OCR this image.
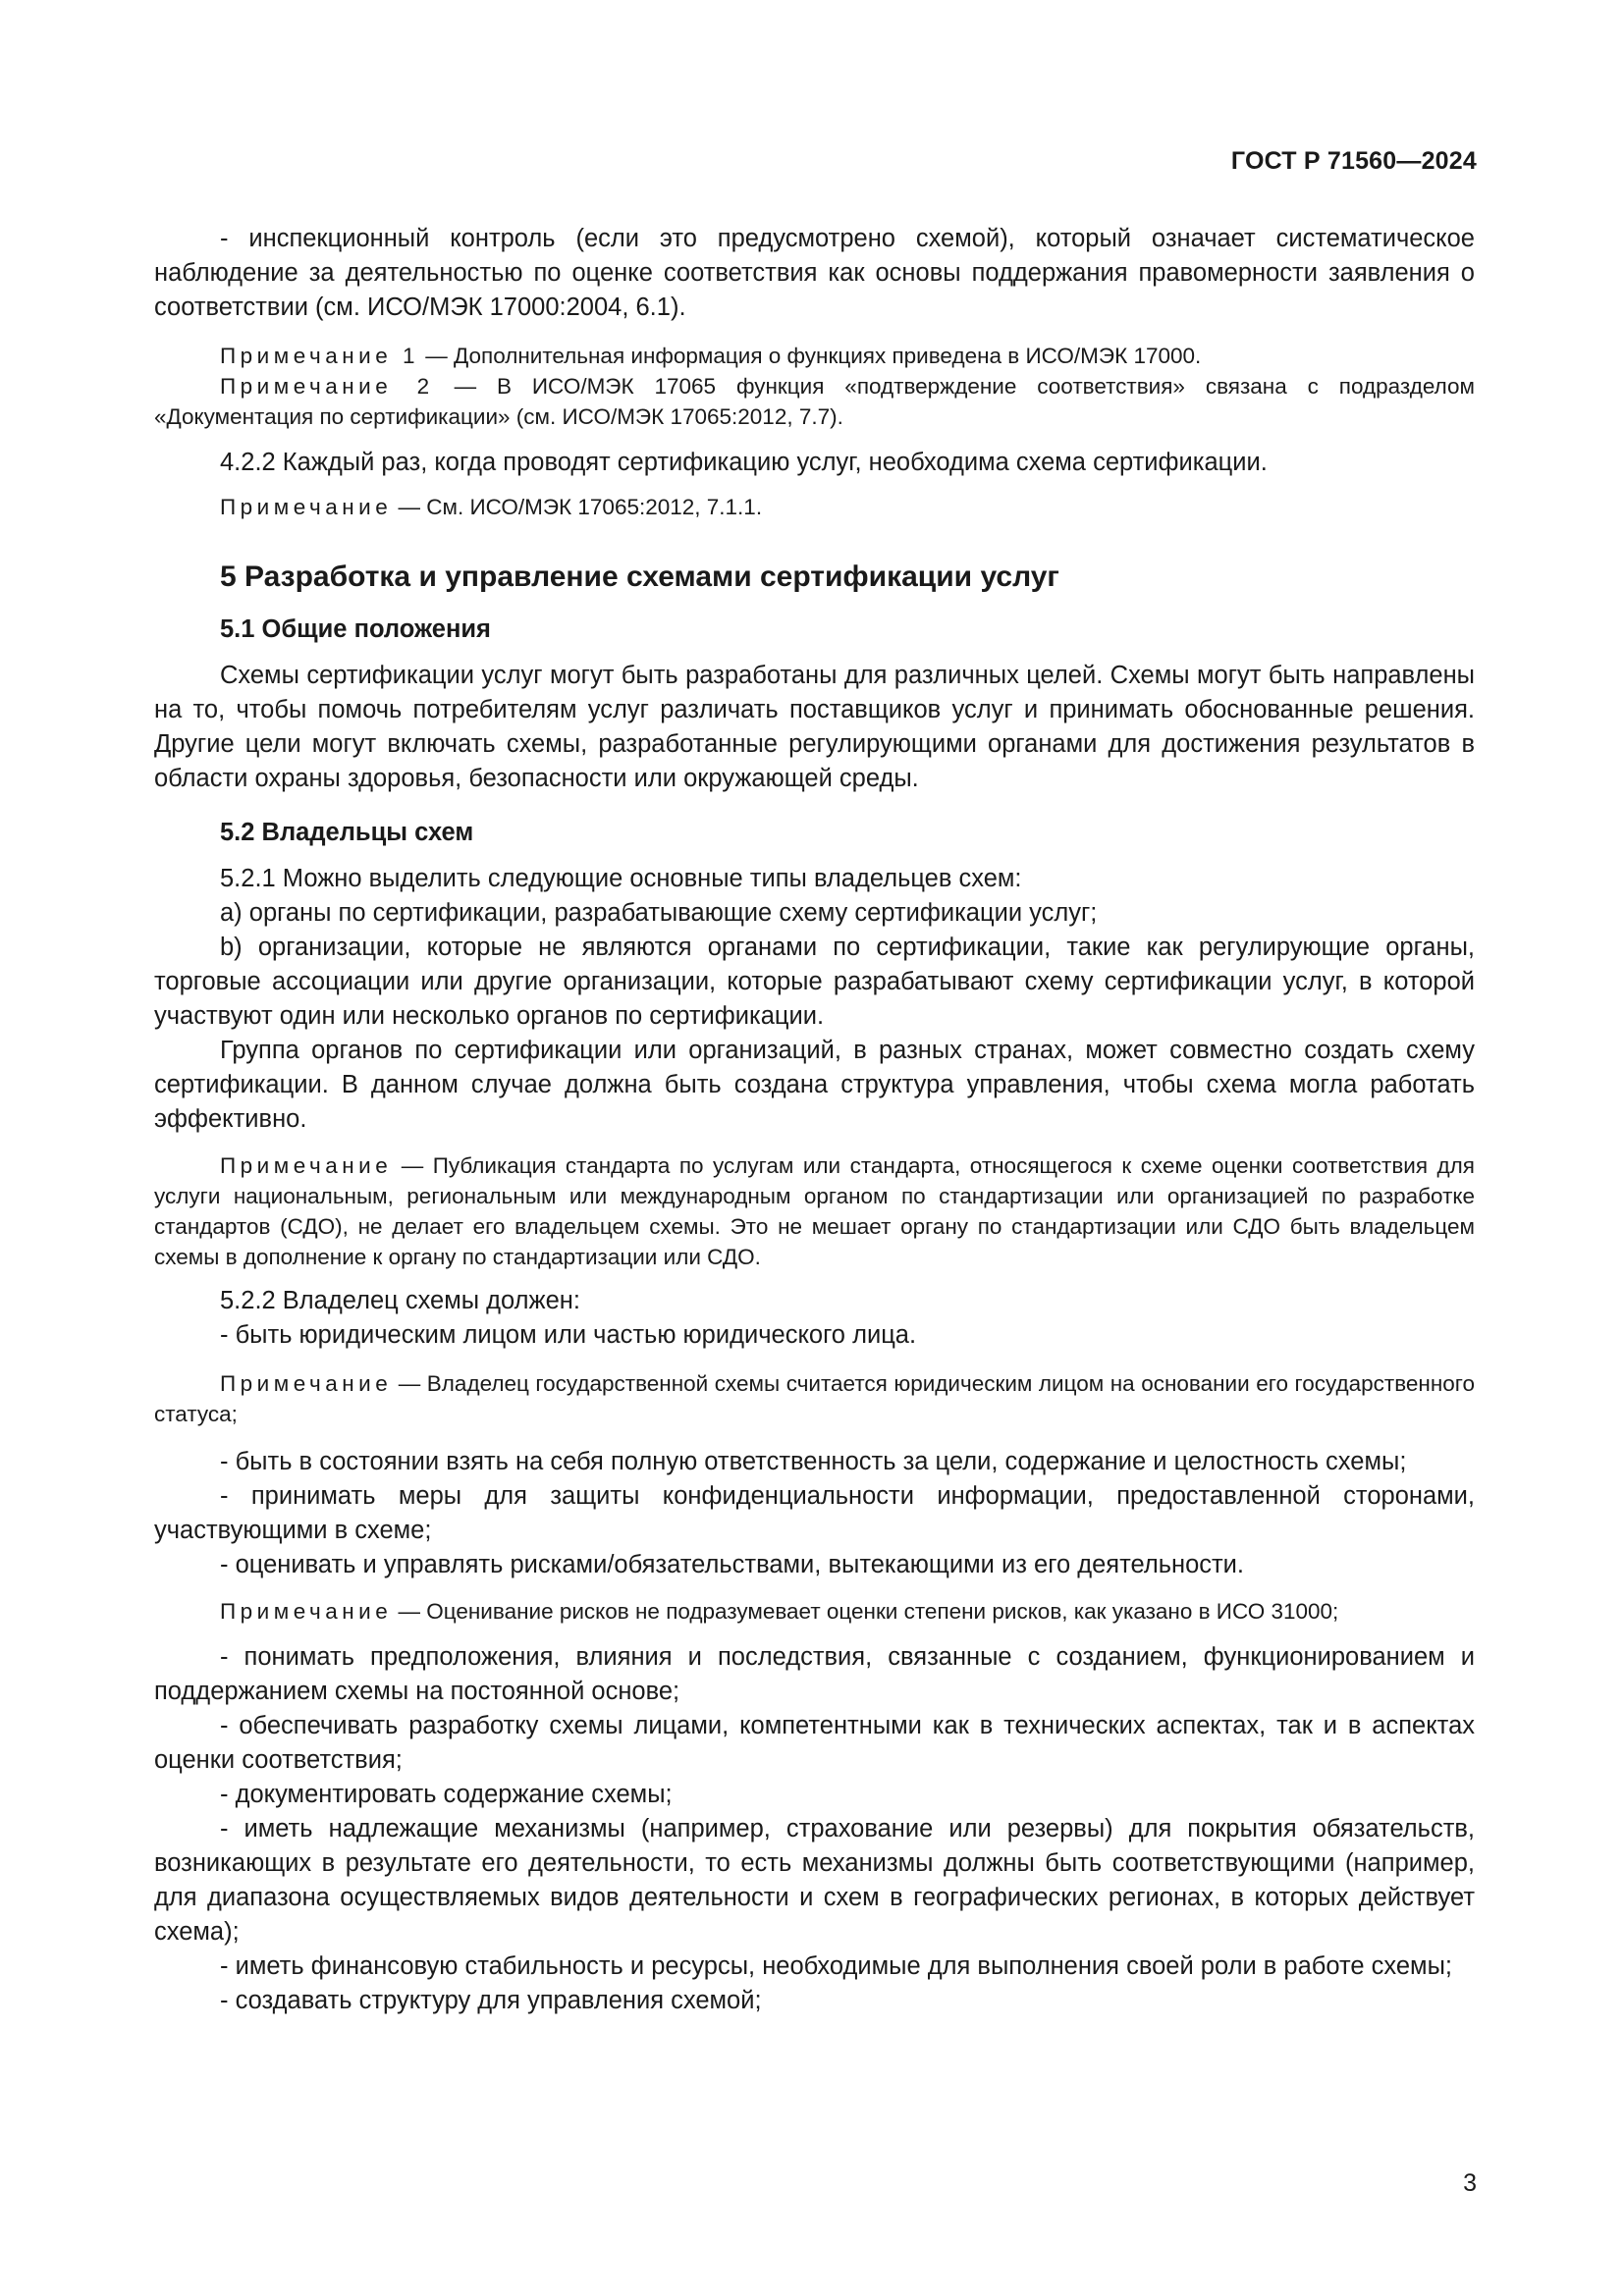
ГОСТ Р 71560—2024

- инспекционный контроль (если это предусмотрено схемой), который означает систематическое наблюдение за деятельностью по оценке соответствия как основы поддержания правомерности заявления о соответствии (см. ИСО/МЭК 17000:2004, 6.1).

Примечание 1 — Дополнительная информация о функциях приведена в ИСО/МЭК 17000.

Примечание 2 — В ИСО/МЭК 17065 функция «подтверждение соответствия» связана с подразделом «Документация по сертификации» (см. ИСО/МЭК 17065:2012, 7.7).

4.2.2 Каждый раз, когда проводят сертификацию услуг, необходима схема сертификации.

Примечание — См. ИСО/МЭК 17065:2012, 7.1.1.

5 Разработка и управление схемами сертификации услуг

5.1 Общие положения

Схемы сертификации услуг могут быть разработаны для различных целей. Схемы могут быть направлены на то, чтобы помочь потребителям услуг различать поставщиков услуг и принимать обоснованные решения. Другие цели могут включать схемы, разработанные регулирующими органами для достижения результатов в области охраны здоровья, безопасности или окружающей среды.

5.2 Владельцы схем

5.2.1 Можно выделить следующие основные типы владельцев схем:

a) органы по сертификации, разрабатывающие схему сертификации услуг;

b) организации, которые не являются органами по сертификации, такие как регулирующие органы, торговые ассоциации или другие организации, которые разрабатывают схему сертификации услуг, в которой участвуют один или несколько органов по сертификации.

Группа органов по сертификации или организаций, в разных странах, может совместно создать схему сертификации. В данном случае должна быть создана структура управления, чтобы схема могла работать эффективно.

Примечание — Публикация стандарта по услугам или стандарта, относящегося к схеме оценки соответствия для услуги национальным, региональным или международным органом по стандартизации или организацией по разработке стандартов (СДО), не делает его владельцем схемы. Это не мешает органу по стандартизации или СДО быть владельцем схемы в дополнение к органу по стандартизации или СДО.

5.2.2 Владелец схемы должен:

- быть юридическим лицом или частью юридического лица.

Примечание — Владелец государственной схемы считается юридическим лицом на основании его государственного статуса;

- быть в состоянии взять на себя полную ответственность за цели, содержание и целостность схемы;

- принимать меры для защиты конфиденциальности информации, предоставленной сторонами, участвующими в схеме;

- оценивать и управлять рисками/обязательствами, вытекающими из его деятельности.

Примечание — Оценивание рисков не подразумевает оценки степени рисков, как указано в ИСО 31000;

- понимать предположения, влияния и последствия, связанные с созданием, функционированием и поддержанием схемы на постоянной основе;

- обеспечивать разработку схемы лицами, компетентными как в технических аспектах, так и в аспектах оценки соответствия;

- документировать содержание схемы;

- иметь надлежащие механизмы (например, страхование или резервы) для покрытия обязательств, возникающих в результате его деятельности, то есть механизмы должны быть соответствующими (например, для диапазона осуществляемых видов деятельности и схем в географических регионах, в которых действует схема);

- иметь финансовую стабильность и ресурсы, необходимые для выполнения своей роли в работе схемы;

- создавать структуру для управления схемой;

3
